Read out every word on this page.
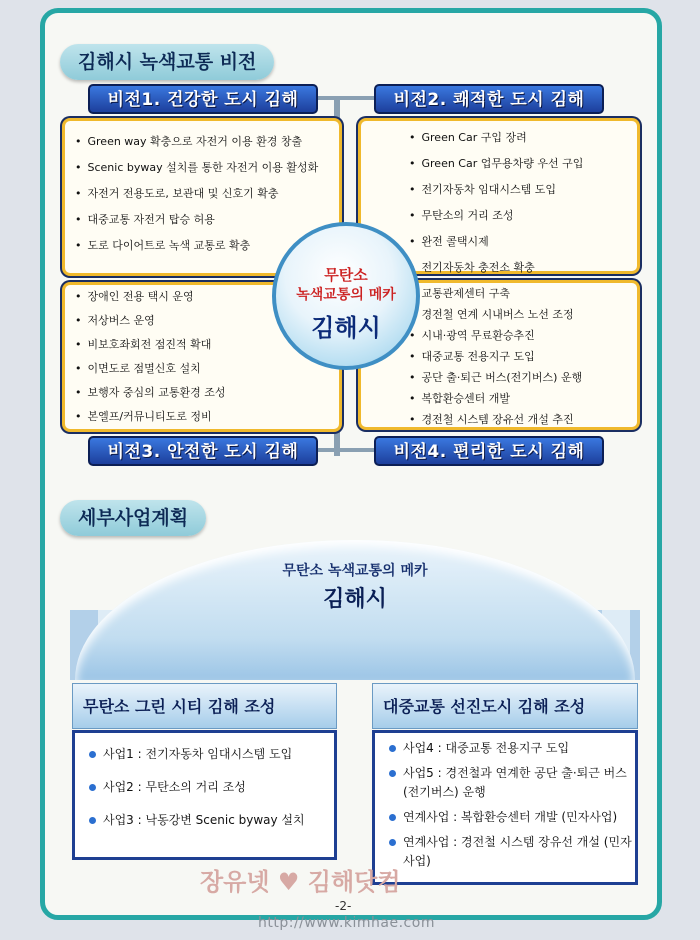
김해시 녹색교통 비전
비전1. 건강한 도시 김해	비전2. 쾌적한 도시 김해
비전3. 안전한 도시 김해	비전4. 편리한 도시 김해
• Green way 확충으로 자전거 이용 환경 창출
• Scenic byway 설치를 통한 자전거 이용 활성화
• 자전거 전용도로, 보관대 및 신호기 확충
• 대중교통 자전거 탑승 허용
• 도로 다이어트로 녹색 교통로 확충
• Green Car 구입 장려
• Green Car 업무용차량 우선 구입
• 전기자동차 임대시스템 도입
• 무탄소의 거리 조성
• 완전 콜택시제
• 전기자동차 충전소 확충
• 장애인 전용 택시 운영
• 저상버스 운영
• 비보호좌회전 점진적 확대
• 이면도로 점멸신호 설치
• 보행자 중심의 교통환경 조성
• 본엘프/커뮤니티도로 정비
• 교통관제센터 구축
• 경전철 연계 시내버스 노선 조정
• 시내·광역 무료환승추진
• 대중교통 전용지구 도입
• 공단 출·퇴근 버스(전기버스) 운행
• 복합환승센터 개발
• 경전철 시스템 장유선 개설 추진
무탄소
녹색교통의 메카
김해시
세부사업계획
무탄소 녹색교통의 메카
김해시
무탄소 그린 시티 김해 조성	대중교통 선진도시 김해 조성
사업1 : 전기자동차 임대시스템 도입
사업2 : 무탄소의 거리 조성
사업3 : 낙동강변 Scenic byway 설치
사업4 : 대중교통 전용지구 도입
사업5 : 경전철과 연계한 공단 출·퇴근 버스(전기버스) 운행
연계사업 : 복합환승센터 개발 (민자사업)
연계사업 : 경전철 시스템 장유선 개설 (민자사업)
장유넷 ♥ 김해닷컴
-2-
http://www.kimhae.com
